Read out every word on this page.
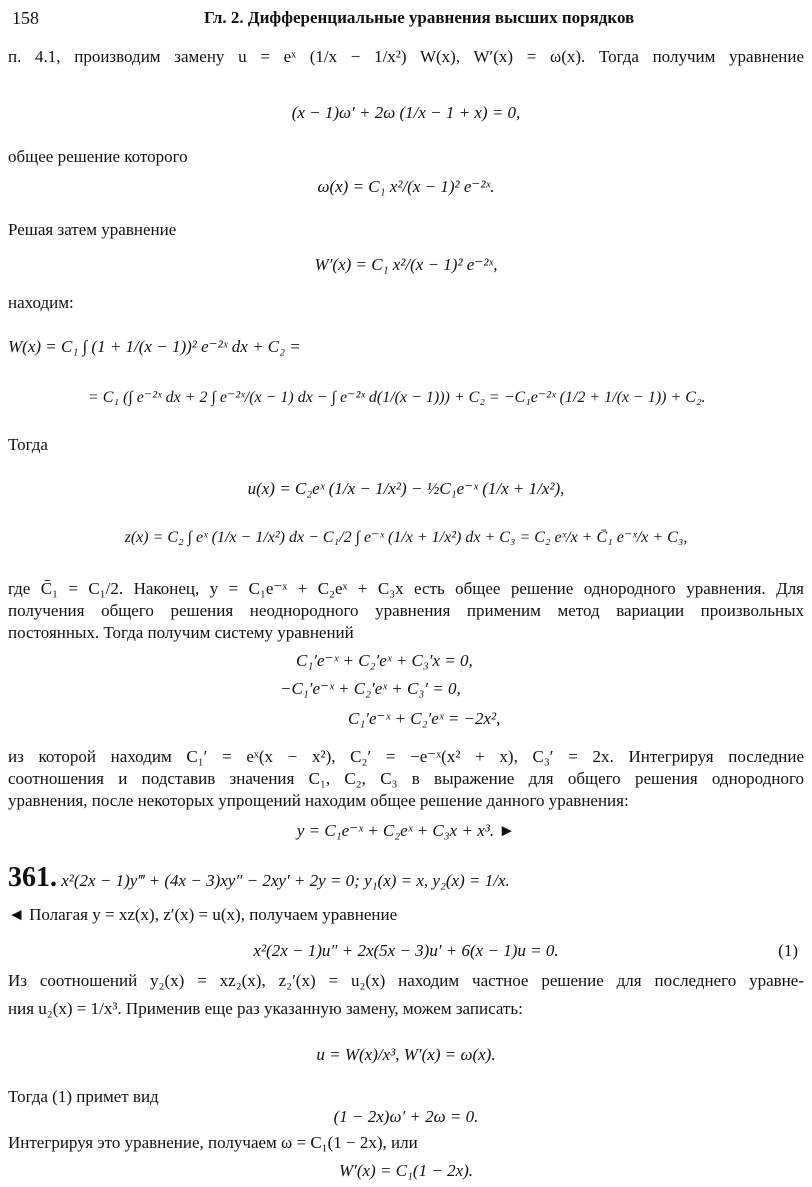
158	Гл. 2. Дифференциальные уравнения высших порядков
п. 4.1, производим замену u = eˣ (1/x − 1/x²) W(x), W′(x) = ω(x). Тогда получим уравнение
(x − 1)ω′ + 2ω (1/x − 1 + x) = 0,
общее решение которого
ω(x) = C₁ x²/(x − 1)² e⁻²ˣ.
Решая затем уравнение
W′(x) = C₁ x²/(x − 1)² e⁻²ˣ,
находим:
W(x) = C₁ ∫ (1 + 1/(x − 1))² e⁻²ˣ dx + C₂ =
= C₁ (∫ e⁻²ˣ dx + 2 ∫ e⁻²ˣ/(x − 1) dx − ∫ e⁻²ˣ d(1/(x − 1))) + C₂ = −C₁e⁻²ˣ (1/2 + 1/(x − 1)) + C₂.
Тогда
u(x) = C₂eˣ (1/x − 1/x²) − ½C₁e⁻ˣ (1/x + 1/x²),
z(x) = C₂ ∫ eˣ (1/x − 1/x²) dx − C₁/2 ∫ e⁻ˣ (1/x + 1/x²) dx + C₃ = C₂ eˣ/x + C̄₁ e⁻ˣ/x + C₃,
где C̄₁ = C₁/2. Наконец, y = C₁e⁻ˣ + C₂eˣ + C₃x есть общее решение однородного уравнения. Для
получения общего решения неоднородного уравнения применим метод вариации произвольных
постоянных. Тогда получим систему уравнений
C₁′e⁻ˣ + C₂′eˣ + C₃′x = 0,
−C₁′e⁻ˣ + C₂′eˣ + C₃′ = 0,
C₁′e⁻ˣ + C₂′eˣ = −2x²,
из которой находим C₁′ = eˣ(x − x²), C₂′ = −e⁻ˣ(x² + x), C₃′ = 2x. Интегрируя последние
соотношения и подставив значения C₁, C₂, C₃ в выражение для общего решения однородного
уравнения, после некоторых упрощений находим общее решение данного уравнения:
y = C₁e⁻ˣ + C₂eˣ + C₃x + x³. ►
361. x²(2x − 1)y‴ + (4x − 3)xy″ − 2xy′ + 2y = 0; y₁(x) = x, y₂(x) = 1/x.
◄ Полагая y = xz(x), z′(x) = u(x), получаем уравнение
x²(2x − 1)u″ + 2x(5x − 3)u′ + 6(x − 1)u = 0.	(1)
Из соотношений y₂(x) = xz₂(x), z₂′(x) = u₂(x) находим частное решение для последнего уравне-
ния u₂(x) = 1/x³. Применив еще раз указанную замену, можем записать:
u = W(x)/x³, W′(x) = ω(x).
Тогда (1) примет вид
(1 − 2x)ω′ + 2ω = 0.
Интегрируя это уравнение, получаем ω = C₁(1 − 2x), или
W′(x) = C₁(1 − 2x).
